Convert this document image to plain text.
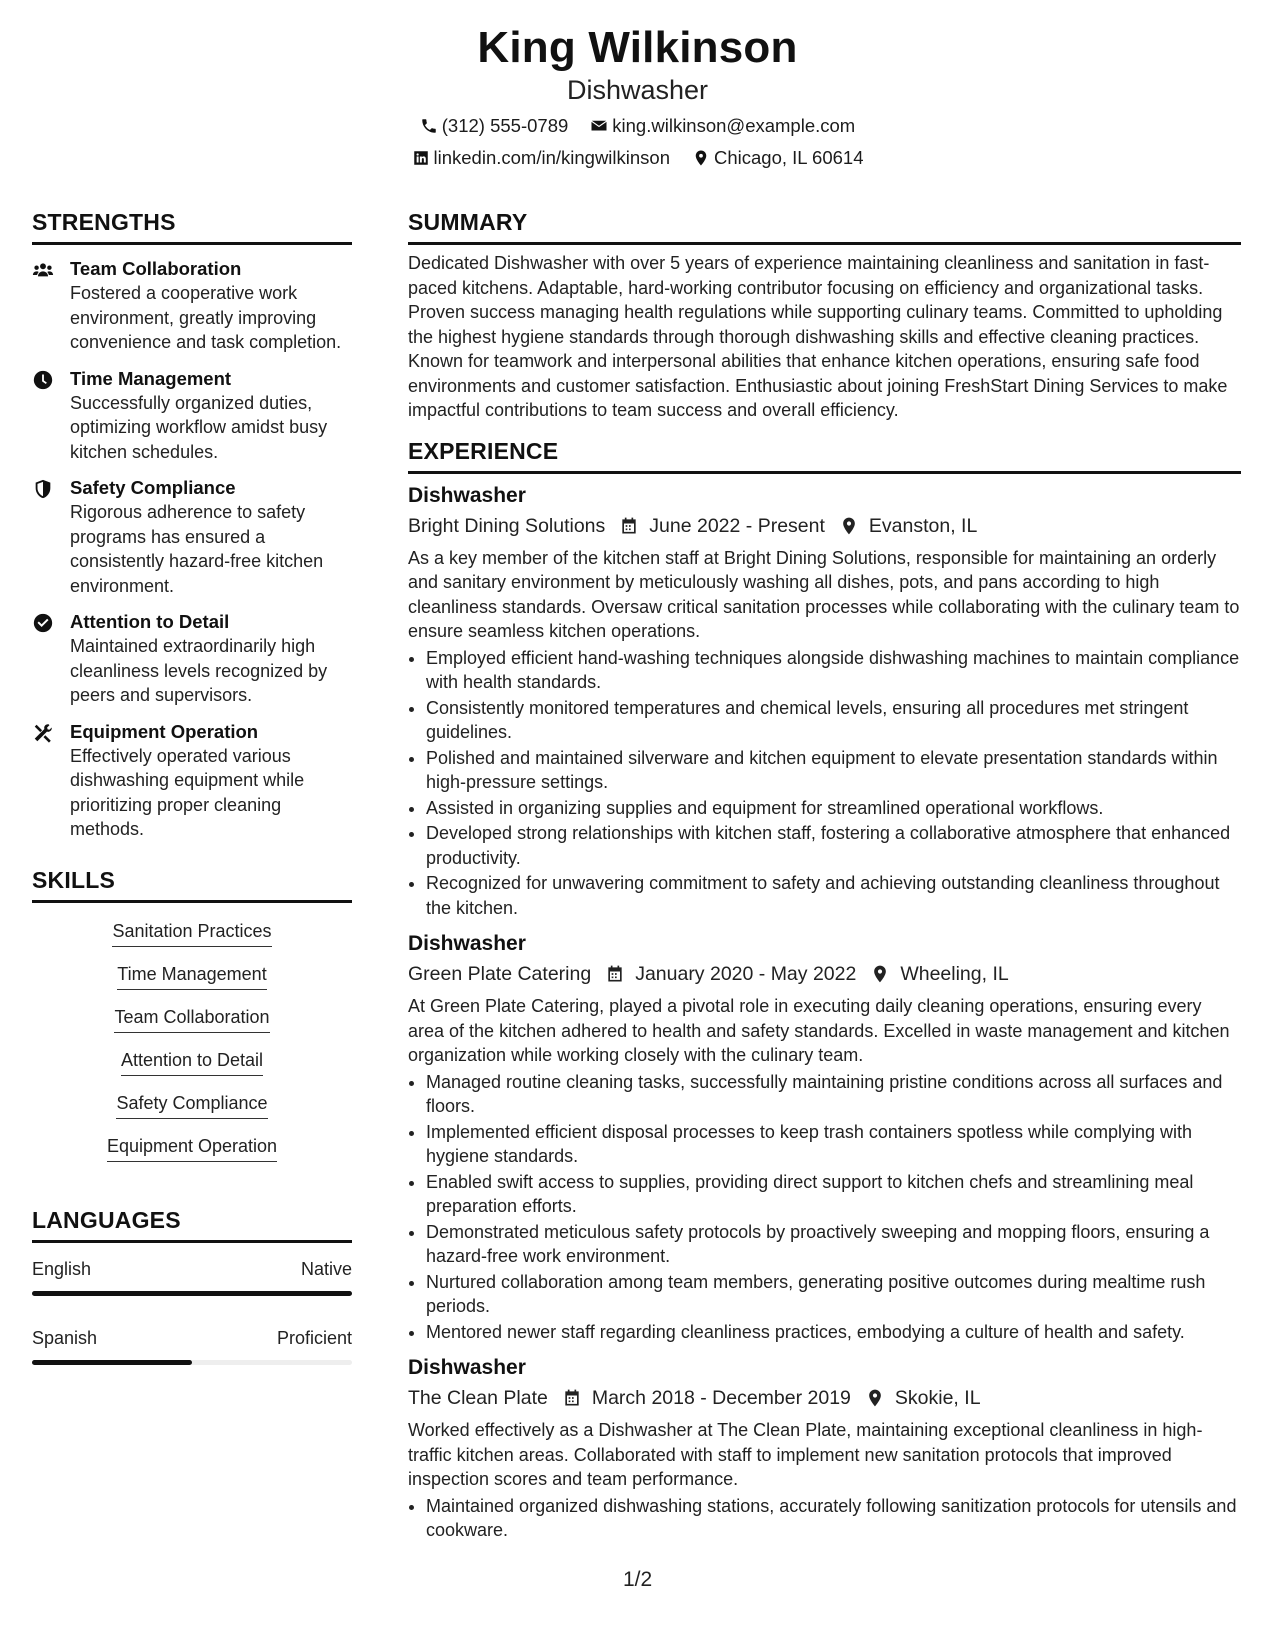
King Wilkinson
Dishwasher
(312) 555-0789 king.wilkinson@example.com
linkedin.com/in/kingwilkinson Chicago, IL 60614
STRENGTHS
Team Collaboration
Fostered a cooperative work environment, greatly improving convenience and task completion.
Time Management
Successfully organized duties, optimizing workflow amidst busy kitchen schedules.
Safety Compliance
Rigorous adherence to safety programs has ensured a consistently hazard-free kitchen environment.
Attention to Detail
Maintained extraordinarily high cleanliness levels recognized by peers and supervisors.
Equipment Operation
Effectively operated various dishwashing equipment while prioritizing proper cleaning methods.
SKILLS
Sanitation Practices
Time Management
Team Collaboration
Attention to Detail
Safety Compliance
Equipment Operation
LANGUAGES
English	Native
Spanish	Proficient
SUMMARY
Dedicated Dishwasher with over 5 years of experience maintaining cleanliness and sanitation in fast-paced kitchens. Adaptable, hard-working contributor focusing on efficiency and organizational tasks. Proven success managing health regulations while supporting culinary teams. Committed to upholding the highest hygiene standards through thorough dishwashing skills and effective cleaning practices. Known for teamwork and interpersonal abilities that enhance kitchen operations, ensuring safe food environments and customer satisfaction. Enthusiastic about joining FreshStart Dining Services to make impactful contributions to team success and overall efficiency.
EXPERIENCE
Dishwasher
Bright Dining Solutions June 2022 - Present Evanston, IL
As a key member of the kitchen staff at Bright Dining Solutions, responsible for maintaining an orderly and sanitary environment by meticulously washing all dishes, pots, and pans according to high cleanliness standards. Oversaw critical sanitation processes while collaborating with the culinary team to ensure seamless kitchen operations.
• Employed efficient hand-washing techniques alongside dishwashing machines to maintain compliance with health standards.
• Consistently monitored temperatures and chemical levels, ensuring all procedures met stringent guidelines.
• Polished and maintained silverware and kitchen equipment to elevate presentation standards within high-pressure settings.
• Assisted in organizing supplies and equipment for streamlined operational workflows.
• Developed strong relationships with kitchen staff, fostering a collaborative atmosphere that enhanced productivity.
• Recognized for unwavering commitment to safety and achieving outstanding cleanliness throughout the kitchen.
Dishwasher
Green Plate Catering January 2020 - May 2022 Wheeling, IL
At Green Plate Catering, played a pivotal role in executing daily cleaning operations, ensuring every area of the kitchen adhered to health and safety standards. Excelled in waste management and kitchen organization while working closely with the culinary team.
• Managed routine cleaning tasks, successfully maintaining pristine conditions across all surfaces and floors.
• Implemented efficient disposal processes to keep trash containers spotless while complying with hygiene standards.
• Enabled swift access to supplies, providing direct support to kitchen chefs and streamlining meal preparation efforts.
• Demonstrated meticulous safety protocols by proactively sweeping and mopping floors, ensuring a hazard-free work environment.
• Nurtured collaboration among team members, generating positive outcomes during mealtime rush periods.
• Mentored newer staff regarding cleanliness practices, embodying a culture of health and safety.
Dishwasher
The Clean Plate March 2018 - December 2019 Skokie, IL
Worked effectively as a Dishwasher at The Clean Plate, maintaining exceptional cleanliness in high-traffic kitchen areas. Collaborated with staff to implement new sanitation protocols that improved inspection scores and team performance.
• Maintained organized dishwashing stations, accurately following sanitization protocols for utensils and cookware.
1/2
